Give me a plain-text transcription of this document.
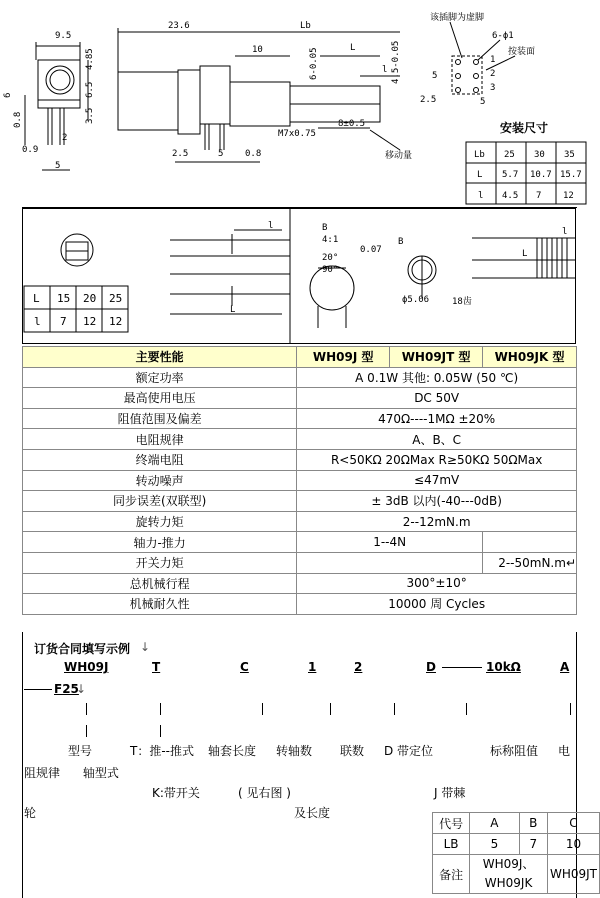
9.5
4.85
6.5
3.5
6
0.8
2
0.9
5
23.6	Lb
10	L
l
6-0.05	4.5-0.05
M7x0.75
8±0.5
移动量
2.5	5 0.8
该插脚为虚脚
6-ϕ1
按装面
5
1
2
3
2.5	5
安装尺寸
Lb 25 30 35
L 5.7 10.7 15.7
l 4.5 7 12
l
L
l
L
B
4:1
20°
90°
0.07
B
ϕ5.06	18齿
L 15 20 25
l 7 12 12
主要性能	WH09J 型	WH09JT 型	WH09JK 型
额定功率	A 0.1W 其他: 0.05W (50 ℃)		
最高使用电压	DC 50V		
阻值范围及偏差	470Ω----1MΩ ±20%		
电阻规律	A、B、C		
终端电阻	R<50KΩ 20ΩMax R≥50KΩ 50ΩMax		
转动噪声	≤47mV		
同步误差(双联型)	± 3dB 以内(-40---0dB)		
旋转力矩	2--12mN.m		
轴力-推力	1--4N		
开关力矩			2--50mN.m↵
总机械行程	300°±10°		
机械耐久性	10000 周 Cycles		
订货合同填写示例 ↓
WH09J	T	C	1	2	D	10kΩ	A
F25
↓
型号	T：推--推式 轴套长度 转轴数 联数 D 带定位	标称阻值 电
阻规律      轴型式
K:带开关	( 见右图 )	J 带棘
轮	及长度
代号	A	B	C
LB	5	7	10
备注	WH09J、
WH09JK		WH09JT
